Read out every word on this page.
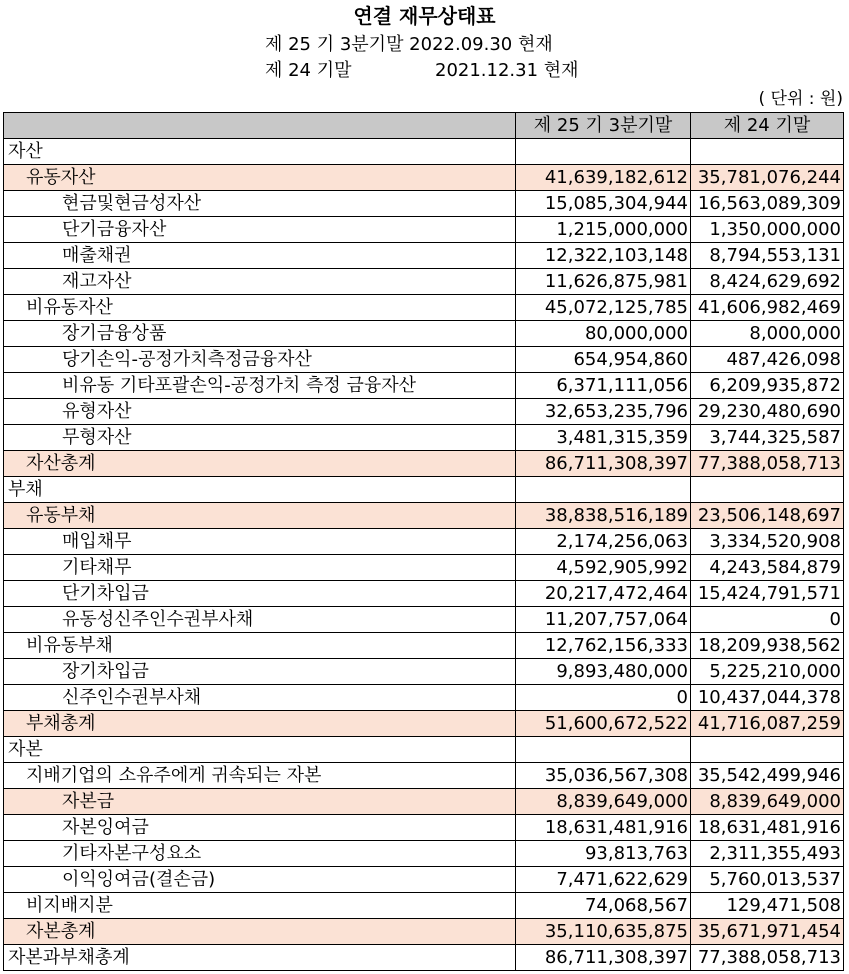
연결 재무상태표
제 25 기 3분기말 2022.09.30 현재
제 24 기말	2021.12.31 현재
( 단위 : 원)
	제 25 기 3분기말	제 24 기말
자산		
유동자산	41,639,182,612	35,781,076,244
현금및현금성자산	15,085,304,944	16,563,089,309
단기금융자산	1,215,000,000	1,350,000,000
매출채권	12,322,103,148	8,794,553,131
재고자산	11,626,875,981	8,424,629,692
비유동자산	45,072,125,785	41,606,982,469
장기금융상품	80,000,000	8,000,000
당기손익-공정가치측정금융자산	654,954,860	487,426,098
비유동 기타포괄손익-공정가치 측정 금융자산	6,371,111,056	6,209,935,872
유형자산	32,653,235,796	29,230,480,690
무형자산	3,481,315,359	3,744,325,587
자산총계	86,711,308,397	77,388,058,713
부채		
유동부채	38,838,516,189	23,506,148,697
매입채무	2,174,256,063	3,334,520,908
기타채무	4,592,905,992	4,243,584,879
단기차입금	20,217,472,464	15,424,791,571
유동성신주인수권부사채	11,207,757,064	0
비유동부채	12,762,156,333	18,209,938,562
장기차입금	9,893,480,000	5,225,210,000
신주인수권부사채	0	10,437,044,378
부채총계	51,600,672,522	41,716,087,259
자본		
지배기업의 소유주에게 귀속되는 자본	35,036,567,308	35,542,499,946
자본금	8,839,649,000	8,839,649,000
자본잉여금	18,631,481,916	18,631,481,916
기타자본구성요소	93,813,763	2,311,355,493
이익잉여금(결손금)	7,471,622,629	5,760,013,537
비지배지분	74,068,567	129,471,508
자본총계	35,110,635,875	35,671,971,454
자본과부채총계	86,711,308,397	77,388,058,713
